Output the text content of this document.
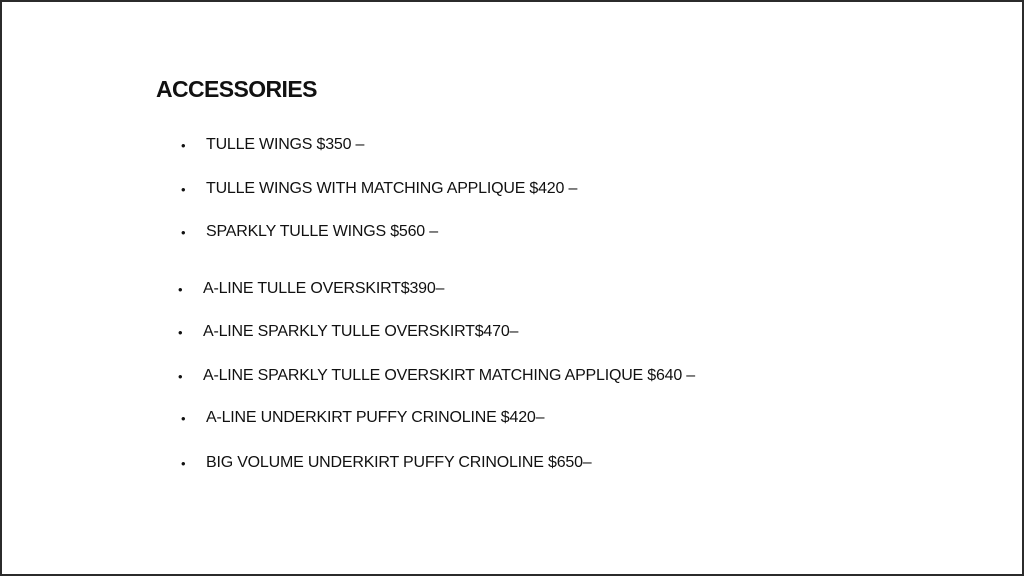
ACCESSORIES
• TULLE WINGS $350 –
• TULLE WINGS WITH MATCHING APPLIQUE $420 –
• SPARKLY TULLE WINGS $560 –
• A-LINE TULLE OVERSKIRT$390–
• A-LINE SPARKLY TULLE OVERSKIRT$470–
• A-LINE SPARKLY TULLE OVERSKIRT MATCHING APPLIQUE $640 –
• A-LINE UNDERKIRT PUFFY CRINOLINE $420–
• BIG VOLUME UNDERKIRT PUFFY CRINOLINE $650–
